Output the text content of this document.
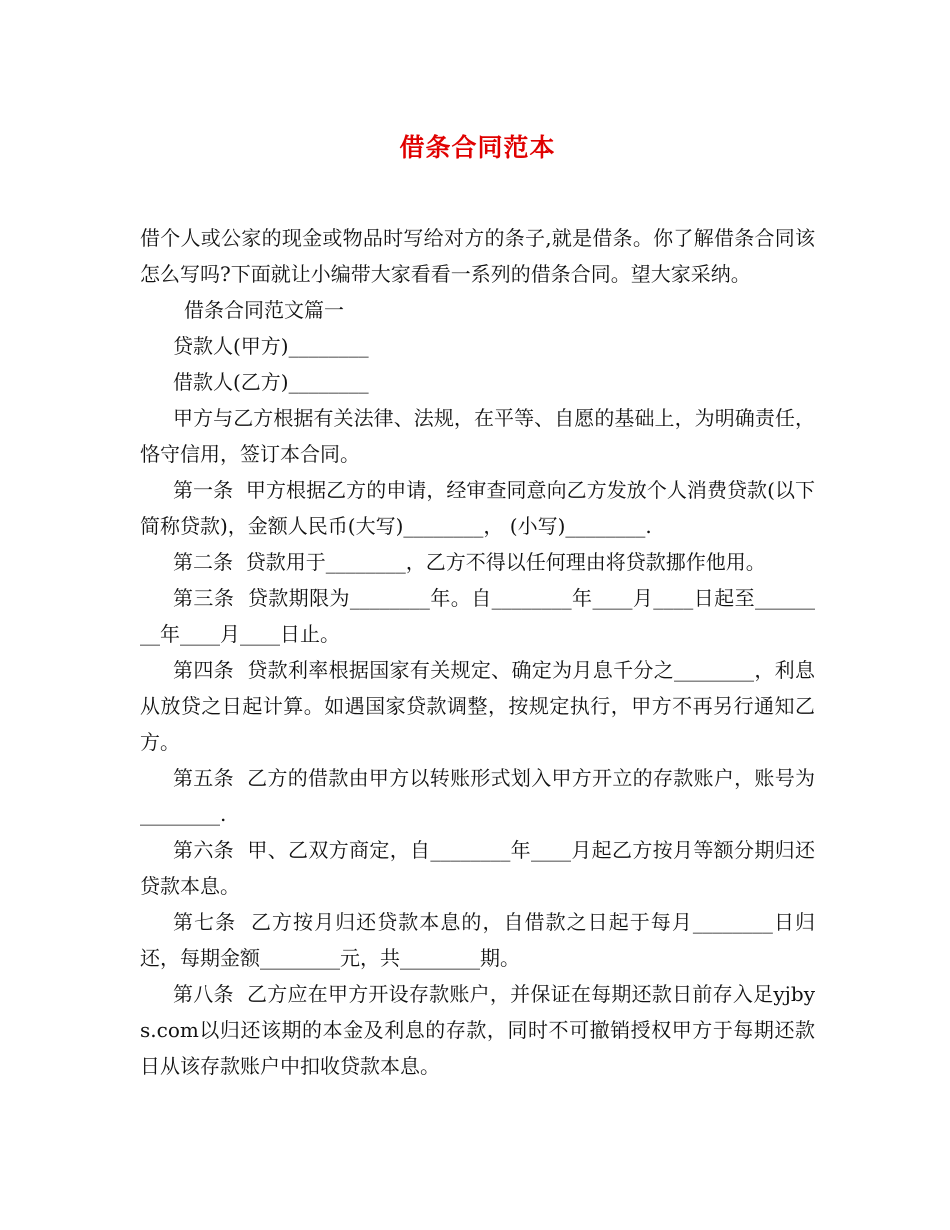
借条合同范本

借个人或公家的现金或物品时写给对方的条子,就是借条。你了解借条合同该怎么写吗?下面就让小编带大家看看一系列的借条合同。望大家采纳。

借条合同范文篇一

贷款人(甲方)________

借款人(乙方)________

甲方与乙方根据有关法律、法规，在平等、自愿的基础上，为明确责任，恪守信用，签订本合同。

第一条  甲方根据乙方的申请，经审查同意向乙方发放个人消费贷款(以下简称贷款)，金额人民币(大写)________， (小写)________.

第二条  贷款用于________，乙方不得以任何理由将贷款挪作他用。

第三条  贷款期限为________年。自________年____月____日起至________年____月____日止。

第四条  贷款利率根据国家有关规定、确定为月息千分之________，利息从放贷之日起计算。如遇国家贷款调整，按规定执行，甲方不再另行通知乙方。

第五条  乙方的借款由甲方以转账形式划入甲方开立的存款账户，账号为________.

第六条  甲、乙双方商定，自________年____月起乙方按月等额分期归还贷款本息。

第七条  乙方按月归还贷款本息的，自借款之日起于每月________日归还，每期金额________元，共________期。

第八条  乙方应在甲方开设存款账户，并保证在每期还款日前存入足yjbys.com以归还该期的本金及利息的存款，同时不可撤销授权甲方于每期还款日从该存款账户中扣收贷款本息。
